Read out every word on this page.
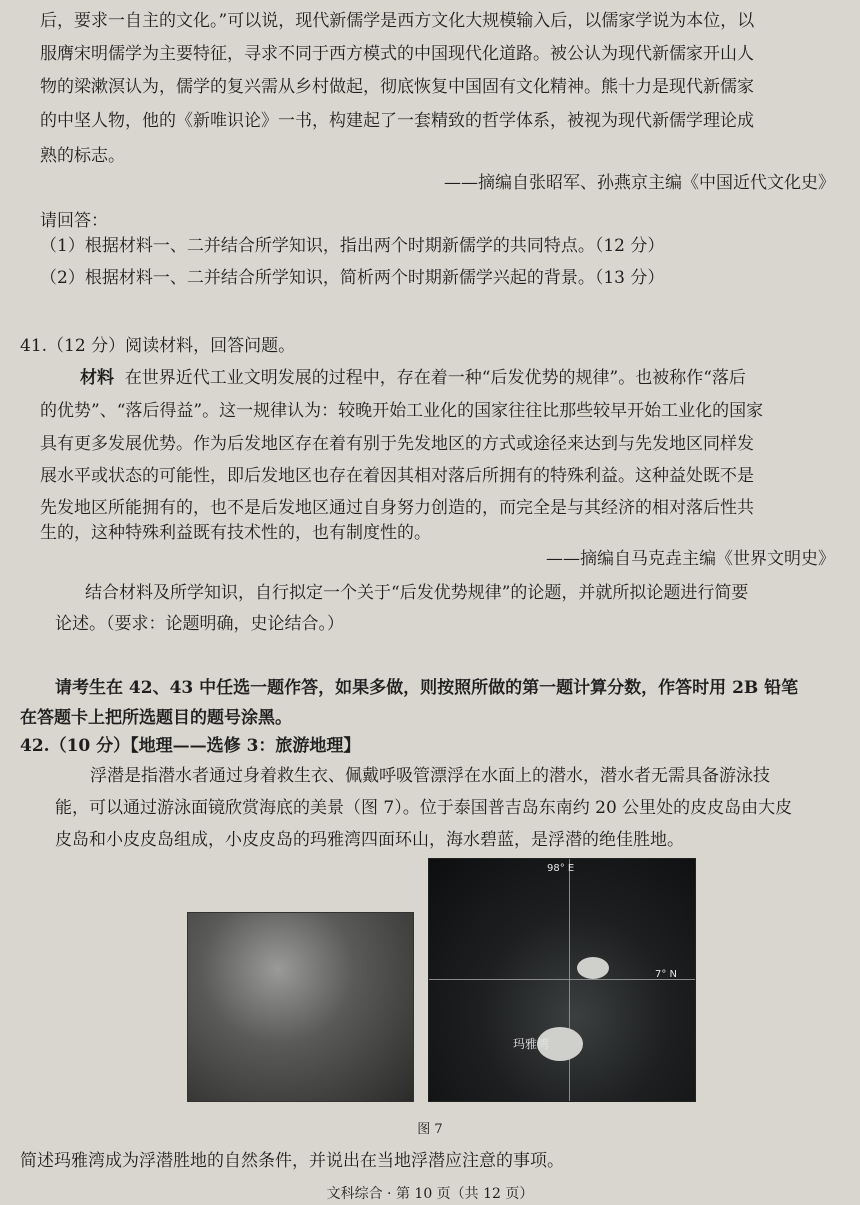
后，要求一自主的文化。”可以说，现代新儒学是西方文化大规模输入后，以儒家学说为本位，以
服膺宋明儒学为主要特征，寻求不同于西方模式的中国现代化道路。被公认为现代新儒家开山人
物的梁漱溟认为，儒学的复兴需从乡村做起，彻底恢复中国固有文化精神。熊十力是现代新儒家
的中坚人物，他的《新唯识论》一书，构建起了一套精致的哲学体系，被视为现代新儒学理论成
熟的标志。
——摘编自张昭军、孙燕京主编《中国近代文化史》
请回答：
（1）根据材料一、二并结合所学知识，指出两个时期新儒学的共同特点。（12 分）
（2）根据材料一、二并结合所学知识，简析两个时期新儒学兴起的背景。（13 分）
41.（12 分）阅读材料，回答问题。
材料 在世界近代工业文明发展的过程中，存在着一种“后发优势的规律”。也被称作“落后
的优势”、“落后得益”。这一规律认为：较晚开始工业化的国家往往比那些较早开始工业化的国家
具有更多发展优势。作为后发地区存在着有别于先发地区的方式或途径来达到与先发地区同样发
展水平或状态的可能性，即后发地区也存在着因其相对落后所拥有的特殊利益。这种益处既不是
先发地区所能拥有的，也不是后发地区通过自身努力创造的，而完全是与其经济的相对落后性共
生的，这种特殊利益既有技术性的，也有制度性的。
——摘编自马克垚主编《世界文明史》
结合材料及所学知识，自行拟定一个关于“后发优势规律”的论题，并就所拟论题进行简要
论述。（要求：论题明确，史论结合。）
请考生在 42、43 中任选一题作答，如果多做，则按照所做的第一题计算分数，作答时用 2B 铅笔
在答题卡上把所选题目的题号涂黑。
42.（10 分）【地理——选修 3：旅游地理】
浮潜是指潜水者通过身着救生衣、佩戴呼吸管漂浮在水面上的潜水，潜水者无需具备游泳技
能，可以通过游泳面镜欣赏海底的美景（图 7）。位于泰国普吉岛东南约 20 公里处的皮皮岛由大皮
皮岛和小皮皮岛组成，小皮皮岛的玛雅湾四面环山，海水碧蓝，是浮潜的绝佳胜地。
98° E
7° N
玛雅湾
图 7
简述玛雅湾成为浮潜胜地的自然条件，并说出在当地浮潜应注意的事项。
文科综合 · 第 10 页（共 12 页）
